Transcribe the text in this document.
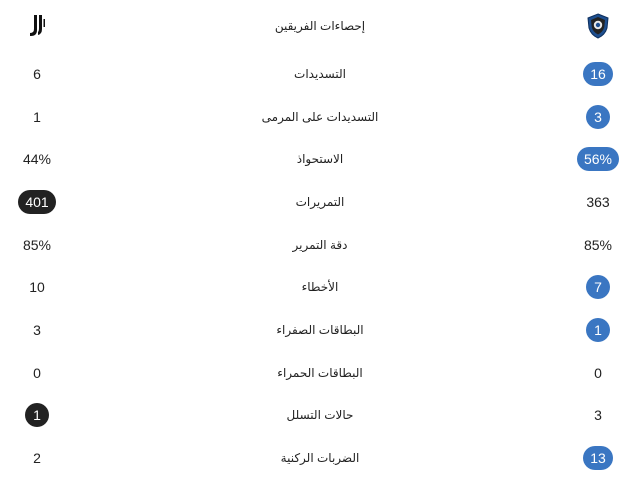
إحصاءات الفريقين
6	التسديدات	16
1	التسديدات على المرمى	3
44%	الاستحواذ	56%
401	التمريرات	363
85%	دقة التمرير	85%
10	الأخطاء	7
3	البطاقات الصفراء	1
0	البطاقات الحمراء	0
1	حالات التسلل	3
2	الضربات الركنية	13
